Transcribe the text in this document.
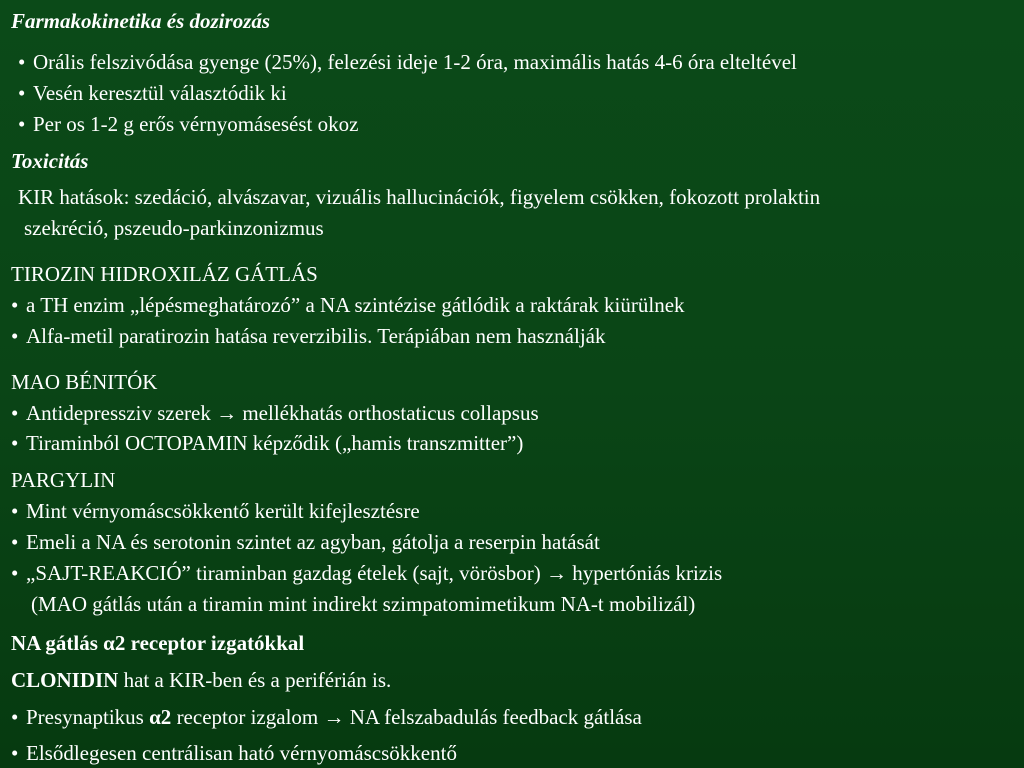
Farmakokinetika és dozirozás
• Orális felszivódása gyenge (25%), felezési ideje 1-2 óra, maximális hatás 4-6 óra elteltével
• Vesén keresztül választódik ki
• Per os 1-2 g erős vérnyomásesést okoz
Toxicitás
KIR hatások: szedáció, alvászavar, vizuális hallucinációk, figyelem csökken, fokozott prolaktin
szekréció, pszeudo-parkinzonizmus
TIROZIN HIDROXILÁZ GÁTLÁS
• a TH enzim „lépésmeghatározó” a NA szintézise gátlódik a raktárak kiürülnek
• Alfa-metil paratirozin hatása reverzibilis. Terápiában nem használják
MAO BÉNITÓK
• Antidepressziv szerek → mellékhatás orthostaticus collapsus
• Tiraminból OCTOPAMIN képződik („hamis transzmitter”)
PARGYLIN
• Mint vérnyomáscsökkentő került kifejlesztésre
• Emeli a NA és serotonin szintet az agyban, gátolja a reserpin hatását
• „SAJT-REAKCIÓ” tiraminban gazdag ételek (sajt, vörösbor) → hypertóniás krizis
(MAO gátlás után a tiramin mint indirekt szimpatomimetikum NA-t mobilizál)
NA gátlás α2 receptor izgatókkal
CLONIDIN hat a KIR-ben és a periférián is.
• Presynaptikus α2 receptor izgalom → NA felszabadulás feedback gátlása
• Elsődlegesen centrálisan ható vérnyomáscsökkentő
